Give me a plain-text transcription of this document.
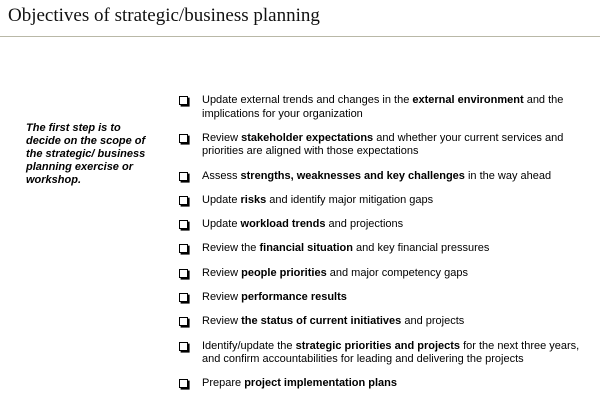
Objectives of strategic/business planning
The first step is to decide on the scope of the strategic/ business planning exercise or workshop.
Update external trends and changes in the external environment and the implications for your organization
Review stakeholder expectations and whether your current services and priorities are aligned with those expectations
Assess strengths, weaknesses and key challenges in the way ahead
Update risks and identify major mitigation gaps
Update workload trends and projections
Review the financial situation and key financial pressures
Review people priorities and major competency gaps
Review performance results
Review the status of current initiatives and projects
Identify/update the strategic priorities and projects for the next three years, and confirm accountabilities for leading and delivering the projects
Prepare project implementation plans
